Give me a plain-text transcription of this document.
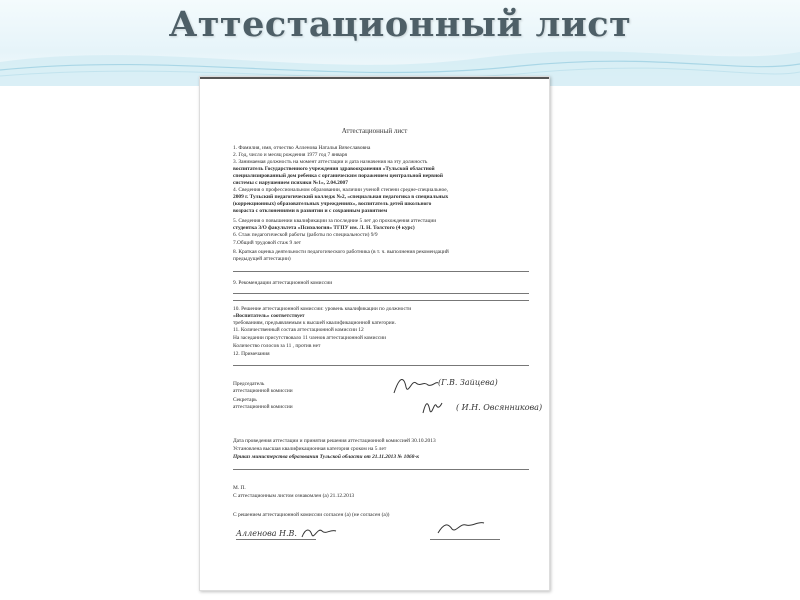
Аттестационный лист
Аттестационный лист
1. Фамилия, имя, отчество Алленова Наталья Вячеславовна
2. Год, число и месяц рождения 1977 год 7 января
3. Занимаемая должность на момент аттестации и дата назначения на эту должность
воспитатель Государственного учреждения здравоохранения «Тульской областной
специализированный дом ребенка с органическим поражением центральной нервной
системы с нарушением психики №1», 2.04.2007
4. Сведения о профессиональном образовании, наличии ученой степени средне-специальное,
2009 г. Тульский педагогический колледж №2, «специальная педагогика в специальных
(коррекционных) образовательных учреждениях», воспитатель детей школьного
возраста с отклонениями в развитии и с сохранным развитием
5. Сведения о повышении квалификации за последние 5 лет до прохождения аттестации
студентка З/О факультета «Психология» ТГПУ им. Л. Н. Толстого (4 курс)
6. Стаж педагогической работы (работы по специальности) 9/9
7.Общий трудовой стаж 9 лет
8. Краткая оценка деятельности педагогического работника (в т. ч. выполнения рекомендаций
предыдущей аттестации)
9. Рекомендации аттестационной комиссии
10. Решение аттестационной комиссии: уровень квалификации по должности
«Воспитатель» соответствует
требованиям, предъявляемым к высшей квалификационной категории.
11. Количественный состав аттестационной комиссии 12
На заседании присутствовало 11 членов аттестационной комиссии
Количество голосов за 11 , против нет
12. Примечания
Председатель
аттестационной комиссии
Секретарь
аттестационной комиссии
(Г.В. Зайцева)
( И.Н. Овсянникова)
Дата проведения аттестации и принятия решения аттестационной комиссией 30.10.2013
Установлена высшая квалификационная категория сроком на 5 лет
Приказ министерства образования Тульской области от 21.11.2013 № 1068-к
М. П.
С аттестационным листом ознакомлен (а) 21.12.2013
С решением аттестационной комиссии согласен (а) (не согласен (а))
Алленова Н.В.
